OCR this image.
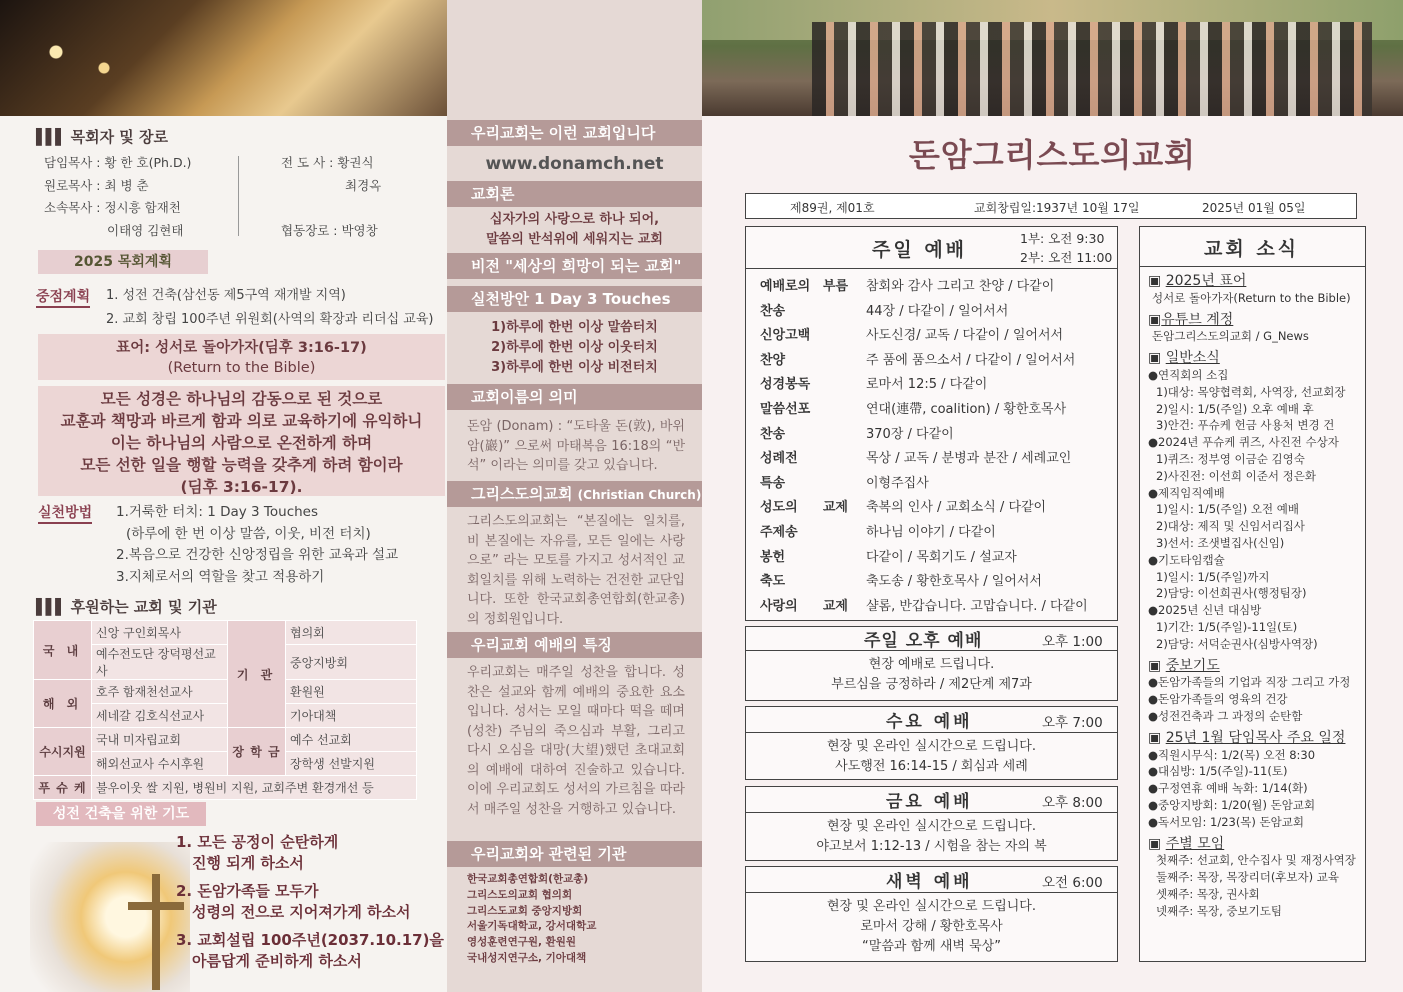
▌▌▌ 목회자 및 장로
담임목사 : 황 한 호(Ph.D.)
원로목사 : 최 병 춘
소속목사 : 정시흥 함재천
이태영 김현태
전 도 사 : 황권식
최경옥

협동장로 : 박영창
2025 목회계획
중점계획 1. 성전 건축(삼선동 제5구역 재개발 지역)
2. 교회 창립 100주년 위원회(사역의 확장과 리더십 교육)
표어: 성서로 돌아가자(딤후 3:16-17)
(Return to the Bible)
모든 성경은 하나님의 감동으로 된 것으로
교훈과 책망과 바르게 함과 의로 교육하기에 유익하니
이는 하나님의 사람으로 온전하게 하며
모든 선한 일을 행할 능력을 갖추게 하려 함이라
(딤후 3:16-17).
실천방법 1.거룩한 터치: 1 Day 3 Touches
(하루에 한 번 이상 말씀, 이웃, 비전 터치)
2.복음으로 건강한 신앙정립을 위한 교육과 설교
3.지체로서의 역할을 찾고 적용하기
▌▌▌ 후원하는 교회 및 기관
국 내	신앙 구인회목사	기 관	협의회
	예수전도단 장덕평선교사		중앙지방회
해 외	호주 함재천선교사		환원원
	세네갈 김호식선교사		기아대책
수시지원	국내 미자립교회	장 학 금	예수 선교회
	해외선교사 수시후원		장학생 선발지원
푸 슈 케	불우이웃 쌀 지원, 병원비 지원, 교회주변 환경개선 등		
성전 건축을 위한 기도

1. 모든 공정이 순탄하게
진행 되게 하소서

2. 돈암가족들 모두가
성령의 전으로 지어져가게 하소서

3. 교회설립 100주년(2037.10.17)을
아름답게 준비하게 하소서

우리교회는 이런 교회입니다
www.donamch.net
교회론
십자가의 사랑으로 하나 되어,
말씀의 반석위에 세워지는 교회
비전 "세상의 희망이 되는 교회"
실천방안 1 Day 3 Touches
1)하루에 한번 이상 말씀터치
2)하루에 한번 이상 이웃터치
3)하루에 한번 이상 비전터치
교회이름의 의미
돈암 (Donam) : “도타울 돈(敦), 바위 암(巖)” 으로써 마태복음 16:18의 “반석” 이라는 의미를 갖고 있습니다.
그리스도의교회 (Christian Church)
그리스도의교회는 “본질에는 일치를, 비 본질에는 자유를, 모든 일에는 사랑으로” 라는 모토를 가지고 성서적인 교회일치를 위해 노력하는 건전한 교단입니다. 또한 한국교회총연합회(한교총)의 정회원입니다.
우리교회 예배의 특징
우리교회는 매주일 성찬을 합니다. 성찬은 설교와 함께 예배의 중요한 요소입니다. 성서는 모일 때마다 떡을 떼며(성찬) 주님의 죽으심과 부활, 그리고 다시 오심을 대망(大望)했던 초대교회의 예배에 대하여 진술하고 있습니다. 이에 우리교회도 성서의 가르침을 따라서 매주일 성찬을 거행하고 있습니다.
우리교회와 관련된 기관
한국교회총연합회(한교총)
그리스도의교회 협의회
그리스도교회 중앙지방회
서울기독대학교, 강서대학교
영성훈련연구원, 환원원
국내성지연구소, 기아대책
돈암그리스도의교회
제89권, 제01호	교회창립일:1937년 10월 17일	2025년 01월 05일
주일 예배
1부: 오전 9:30
2부: 오전 11:00
예배로의 부름 참회와 감사 그리고 찬양 / 다같이
찬송	44장 / 다같이 / 일어서서
신앙고백	사도신경/ 교독 / 다같이 / 일어서서
찬양	주 품에 품으소서 / 다같이 / 일어서서
성경봉독	로마서 12:5 / 다같이
말씀선포	연대(連帶, coalition) / 황한호목사
찬송	370장 / 다같이
성례전	목상 / 교독 / 분병과 분잔 / 세례교인
특송	이형주집사
성도의 교제 축복의 인사 / 교회소식 / 다같이
주제송	하나님 이야기 / 다같이
봉헌	다같이 / 목회기도 / 설교자
축도	축도송 / 황한호목사 / 일어서서
사랑의 교제 샬롬, 반갑습니다. 고맙습니다. / 다같이
주일 오후 예배	오후 1:00
현장 예배로 드립니다.
부르심을 긍정하라 / 제2단계 제7과
수요 예배	오후 7:00
현장 및 온라인 실시간으로 드립니다.
사도행전 16:14-15 / 회심과 세례
금요 예배	오후 8:00
현장 및 온라인 실시간으로 드립니다.
야고보서 1:12-13 / 시험을 참는 자의 복
새벽 예배	오전 6:00
현장 및 온라인 실시간으로 드립니다.
로마서 강해 / 황한호목사
“말씀과 함께 새벽 묵상”
교회 소식
▣ 2025년 표어
성서로 돌아가자(Return to the Bible)
▣유튜브 계정
돈암그리스도의교회 / G_News
▣ 일반소식
●연직회의 소집
1)대상: 목양협력회, 사역장, 선교회장
2)일시: 1/5(주일) 오후 예배 후
3)안건: 푸슈케 헌금 사용처 변경 건
●2024년 푸슈케 퀴즈, 사진전 수상자
1)퀴즈: 정부영 이금순 김영숙
2)사진전: 이선희 이준서 정은화
●제직임직예배
1)일시: 1/5(주일) 오전 예배
2)대상: 제직 및 신임서리집사
3)선서: 조샛별집사(신임)
●기도타임캡슐
1)일시: 1/5(주일)까지
2)담당: 이선희권사(행정팀장)
●2025년 신년 대심방
1)기간: 1/5(주일)-11일(토)
2)담당: 서덕순권사(심방사역장)
▣ 중보기도
●돈암가족들의 기업과 직장 그리고 가정
●돈암가족들의 영육의 건강
●성전건축과 그 과정의 순탄함
▣ 25년 1월 담임목사 주요 일정
●직원시무식: 1/2(목) 오전 8:30
●대심방: 1/5(주일)-11(토)
●구정연휴 예배 녹화: 1/14(화)
●중앙지방회: 1/20(월) 돈암교회
●독서모임: 1/23(목) 돈암교회
▣ 주별 모임
첫째주: 선교회, 안수집사 및 재정사역장
둘째주: 목장, 목장리더(후보자) 교육
셋째주: 목장, 권사회
넷째주: 목장, 중보기도팀
